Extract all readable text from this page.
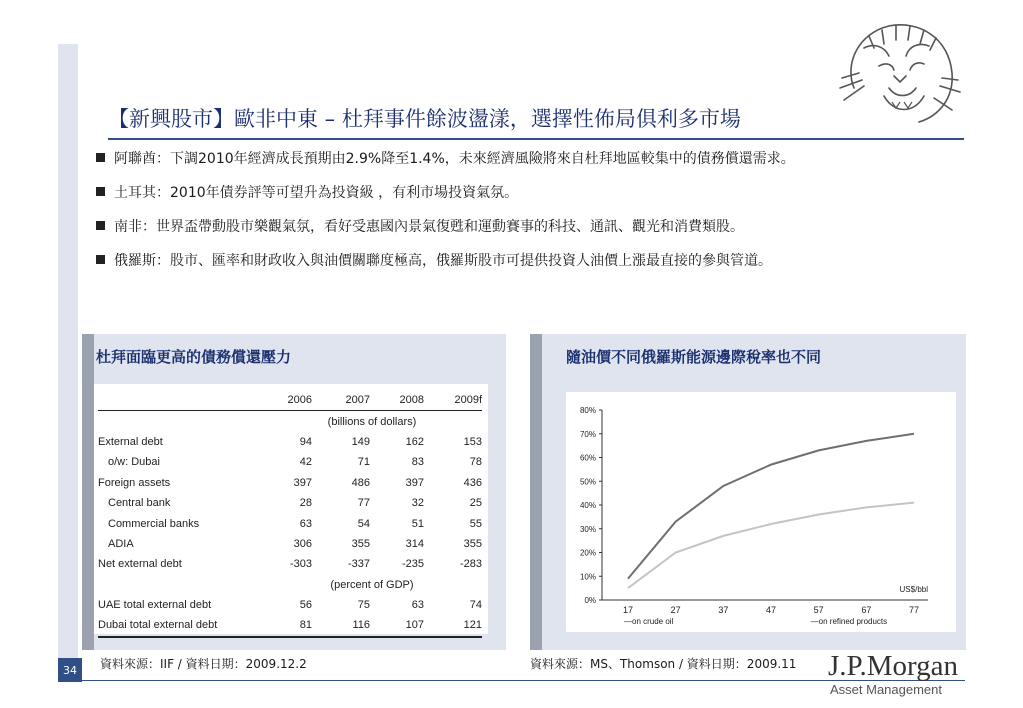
34
【新興股市】歐非中東 – 杜拜事件餘波盪漾，選擇性佈局俱利多市場
阿聯酋：下調2010年經濟成長預期由2.9%降至1.4%，未來經濟風險將來自杜拜地區較集中的債務償還需求。
土耳其：2010年債券評等可望升為投資級 ，有利市場投資氣氛。
南非：世界盃帶動股市樂觀氣氛，看好受惠國內景氣復甦和運動賽事的科技、通訊、觀光和消費類股。
俄羅斯：股市、匯率和財政收入與油價關聯度極高，俄羅斯股市可提供投資人油價上漲最直接的參與管道。
杜拜面臨更高的債務償還壓力
	2006	2007	2008	2009f
	(billions of dollars)			
External debt	94	149	162	153
o/w: Dubai	42	71	83	78
Foreign assets	397	486	397	436
Central bank	28	77	32	25
Commercial banks	63	54	51	55
ADIA	306	355	314	355
Net external debt	-303	-337	-235	-283
	(percent of GDP)			
UAE total external debt	56	75	63	74
Dubai total external debt	81	116	107	121
資料來源：IIF / 資料日期：2009.12.2
隨油價不同俄羅斯能源邊際稅率也不同
0%
10%
20%
30%
40%
50%
60%
70%
80%
17	27	37	47	57	67	77
US$/bbl
—on crude oil	—on refined products
資料來源：MS、Thomson / 資料日期：2009.11 J.P.Morgan
Asset Management
